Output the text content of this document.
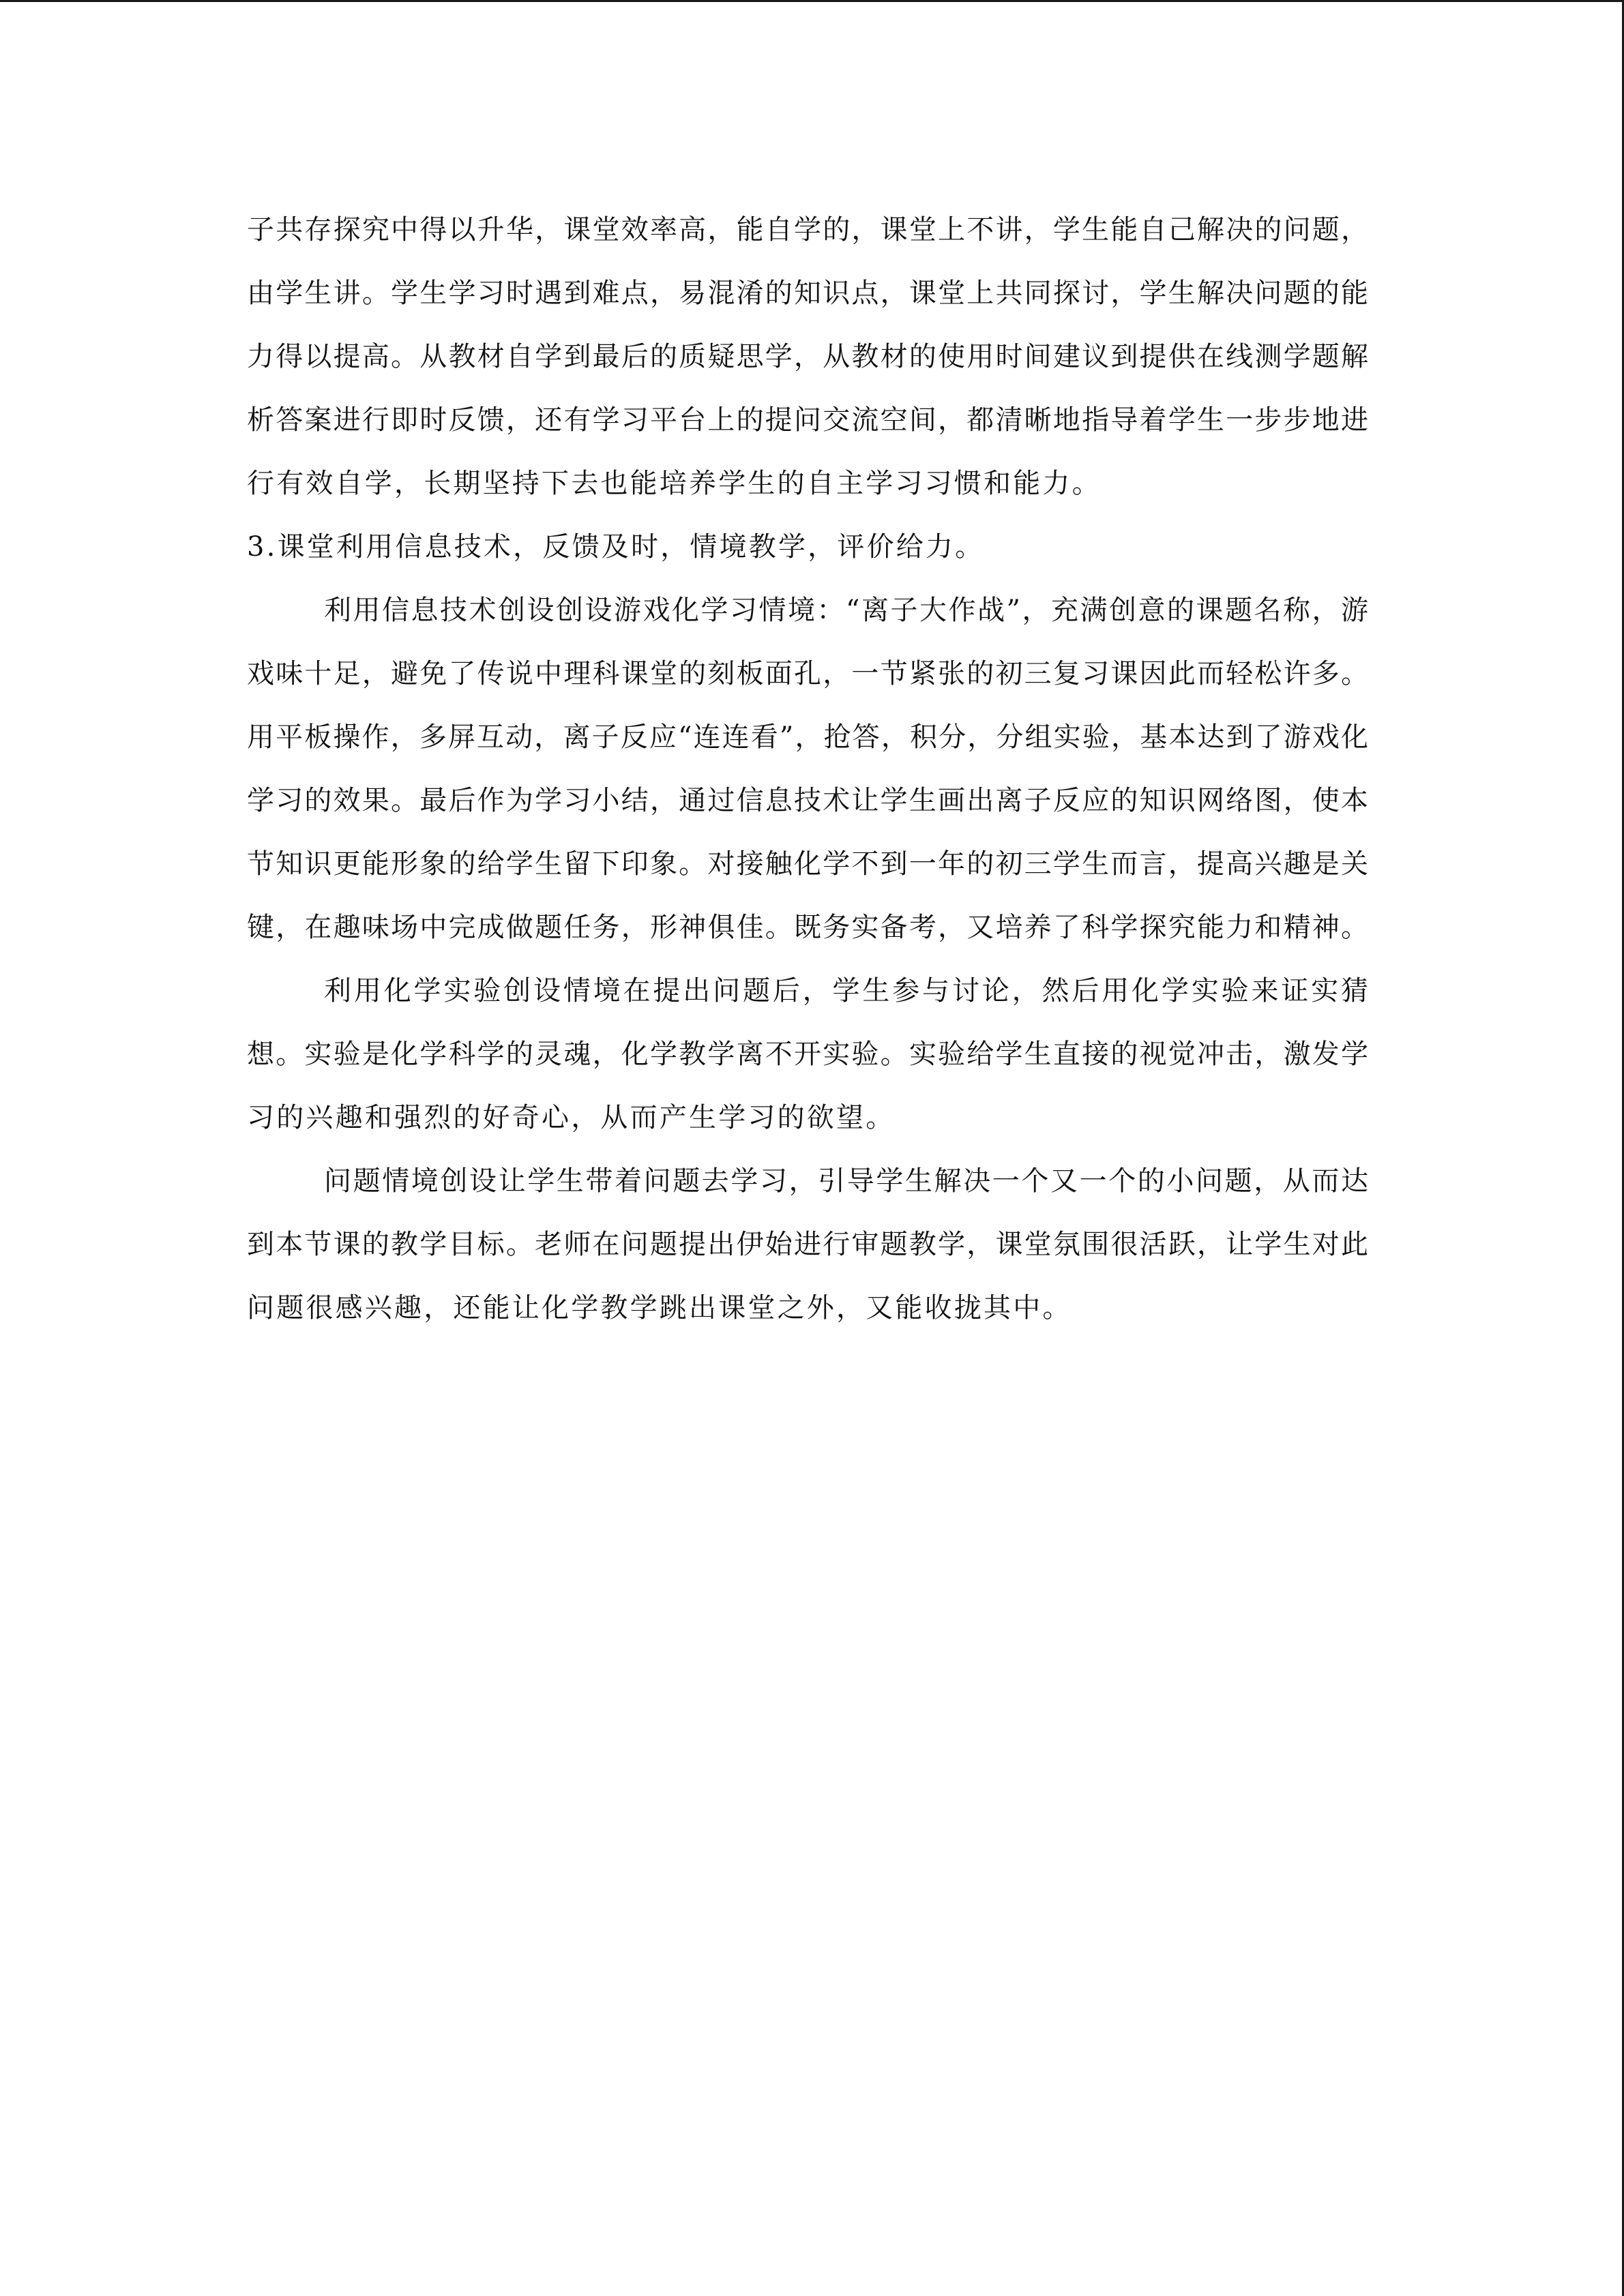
子共存探究中得以升华，课堂效率高，能自学的，课堂上不讲，学生能自己解决的问题，
由学生讲。学生学习时遇到难点，易混淆的知识点，课堂上共同探讨，学生解决问题的能
力得以提高。从教材自学到最后的质疑思学，从教材的使用时间建议到提供在线测学题解
析答案进行即时反馈，还有学习平台上的提问交流空间，都清晰地指导着学生一步步地进
行有效自学，长期坚持下去也能培养学生的自主学习习惯和能力。
3.课堂利用信息技术，反馈及时，情境教学，评价给力。
利用信息技术创设创设游戏化学习情境：“离子大作战”，充满创意的课题名称，游
戏味十足，避免了传说中理科课堂的刻板面孔，一节紧张的初三复习课因此而轻松许多。
用平板操作，多屏互动，离子反应“连连看”，抢答，积分，分组实验，基本达到了游戏化
学习的效果。最后作为学习小结，通过信息技术让学生画出离子反应的知识网络图，使本
节知识更能形象的给学生留下印象。对接触化学不到一年的初三学生而言，提高兴趣是关
键，在趣味场中完成做题任务，形神俱佳。既务实备考，又培养了科学探究能力和精神。
利用化学实验创设情境在提出问题后，学生参与讨论，然后用化学实验来证实猜
想。实验是化学科学的灵魂，化学教学离不开实验。实验给学生直接的视觉冲击，激发学
习的兴趣和强烈的好奇心，从而产生学习的欲望。
问题情境创设让学生带着问题去学习，引导学生解决一个又一个的小问题，从而达
到本节课的教学目标。老师在问题提出伊始进行审题教学，课堂氛围很活跃，让学生对此
问题很感兴趣，还能让化学教学跳出课堂之外，又能收拢其中。
